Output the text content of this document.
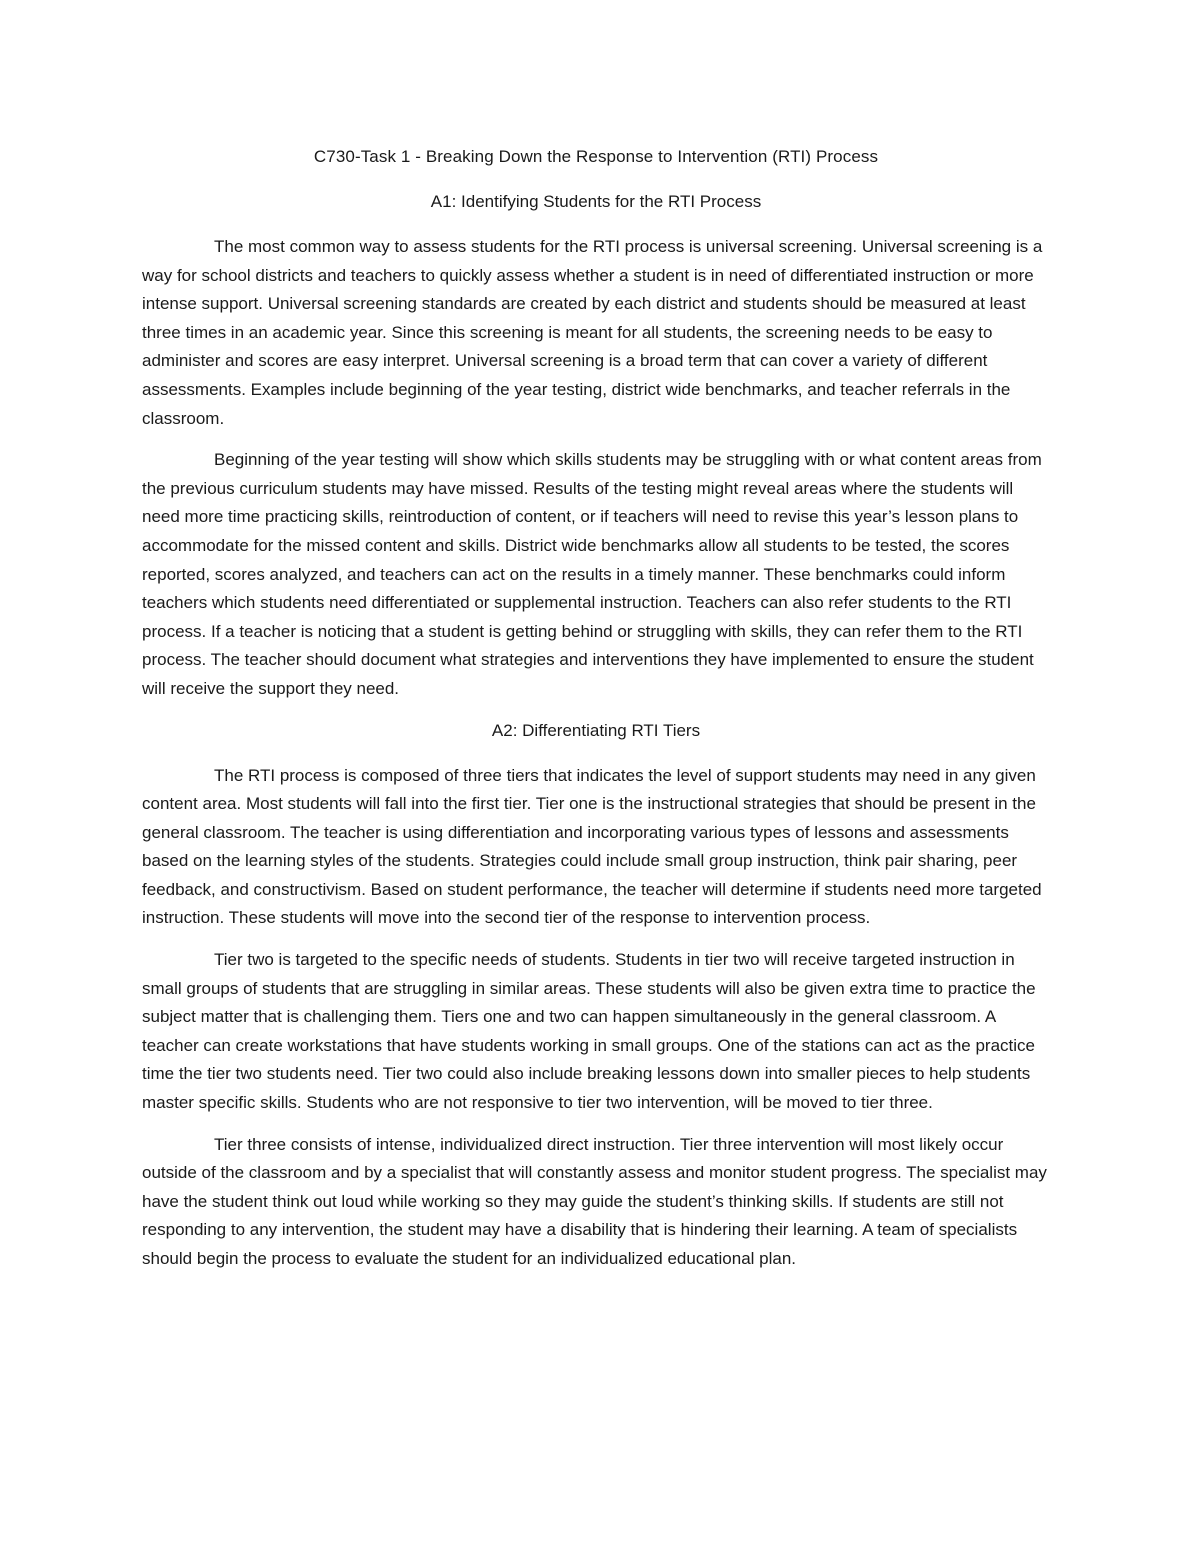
C730-Task 1 - Breaking Down the Response to Intervention (RTI) Process

A1: Identifying Students for the RTI Process

The most common way to assess students for the RTI process is universal screening. Universal screening is a way for school districts and teachers to quickly assess whether a student is in need of differentiated instruction or more intense support. Universal screening standards are created by each district and students should be measured at least three times in an academic year. Since this screening is meant for all students, the screening needs to be easy to administer and scores are easy interpret. Universal screening is a broad term that can cover a variety of different assessments. Examples include beginning of the year testing, district wide benchmarks, and teacher referrals in the classroom.

Beginning of the year testing will show which skills students may be struggling with or what content areas from the previous curriculum students may have missed. Results of the testing might reveal areas where the students will need more time practicing skills, reintroduction of content, or if teachers will need to revise this year’s lesson plans to accommodate for the missed content and skills. District wide benchmarks allow all students to be tested, the scores reported, scores analyzed, and teachers can act on the results in a timely manner. These benchmarks could inform teachers which students need differentiated or supplemental instruction. Teachers can also refer students to the RTI process. If a teacher is noticing that a student is getting behind or struggling with skills, they can refer them to the RTI process. The teacher should document what strategies and interventions they have implemented to ensure the student will receive the support they need.

A2: Differentiating RTI Tiers

The RTI process is composed of three tiers that indicates the level of support students may need in any given content area. Most students will fall into the first tier. Tier one is the instructional strategies that should be present in the general classroom. The teacher is using differentiation and incorporating various types of lessons and assessments based on the learning styles of the students. Strategies could include small group instruction, think pair sharing, peer feedback, and constructivism. Based on student performance, the teacher will determine if students need more targeted instruction. These students will move into the second tier of the response to intervention process.

Tier two is targeted to the specific needs of students. Students in tier two will receive targeted instruction in small groups of students that are struggling in similar areas. These students will also be given extra time to practice the subject matter that is challenging them. Tiers one and two can happen simultaneously in the general classroom. A teacher can create workstations that have students working in small groups. One of the stations can act as the practice time the tier two students need. Tier two could also include breaking lessons down into smaller pieces to help students master specific skills. Students who are not responsive to tier two intervention, will be moved to tier three.

Tier three consists of intense, individualized direct instruction. Tier three intervention will most likely occur outside of the classroom and by a specialist that will constantly assess and monitor student progress. The specialist may have the student think out loud while working so they may guide the student’s thinking skills. If students are still not responding to any intervention, the student may have a disability that is hindering their learning. A team of specialists should begin the process to evaluate the student for an individualized educational plan.
